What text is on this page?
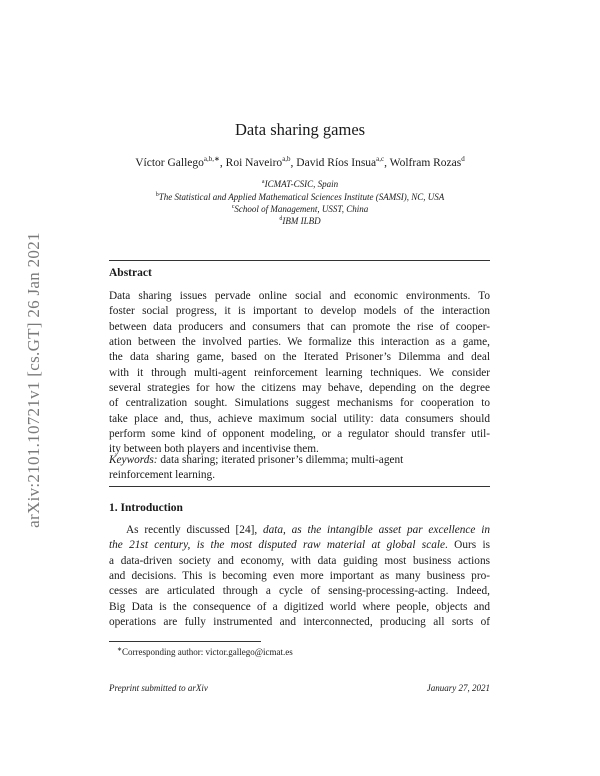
arXiv:2101.10721v1 [cs.GT] 26 Jan 2021
Data sharing games
Víctor Gallego$^{a,b,∗}$, Roi Naveiro$^{a,b}$, David Ríos Insua$^{a,c}$, Wolfram Rozas$^d$
$^a$ICMAT-CSIC, Spain
$^b$The Statistical and Applied Mathematical Sciences Institute (SAMSI), NC, USA
$^c$School of Management, USST, China
$^d$IBM ILBD
Abstract
Data sharing issues pervade online social and economic environments. To
foster social progress, it is important to develop models of the interaction
between data producers and consumers that can promote the rise of cooper-
ation between the involved parties. We formalize this interaction as a game,
the data sharing game, based on the Iterated Prisoner’s Dilemma and deal
with it through multi-agent reinforcement learning techniques. We consider
several strategies for how the citizens may behave, depending on the degree
of centralization sought. Simulations suggest mechanisms for cooperation to
take place and, thus, achieve maximum social utility: data consumers should
perform some kind of opponent modeling, or a regulator should transfer util-
ity between both players and incentivise them.
Keywords: data sharing; iterated prisoner’s dilemma; multi-agent
reinforcement learning.
1. Introduction
As recently discussed [24], data, as the intangible asset par excellence in
the 21st century, is the most disputed raw material at global scale. Ours is
a data-driven society and economy, with data guiding most business actions
and decisions. This is becoming even more important as many business pro-
cesses are articulated through a cycle of sensing-processing-acting. Indeed,
Big Data is the consequence of a digitized world where people, objects and
operations are fully instrumented and interconnected, producing all sorts of
∗Corresponding author: victor.gallego@icmat.es
Preprint submitted to arXiv	January 27, 2021
